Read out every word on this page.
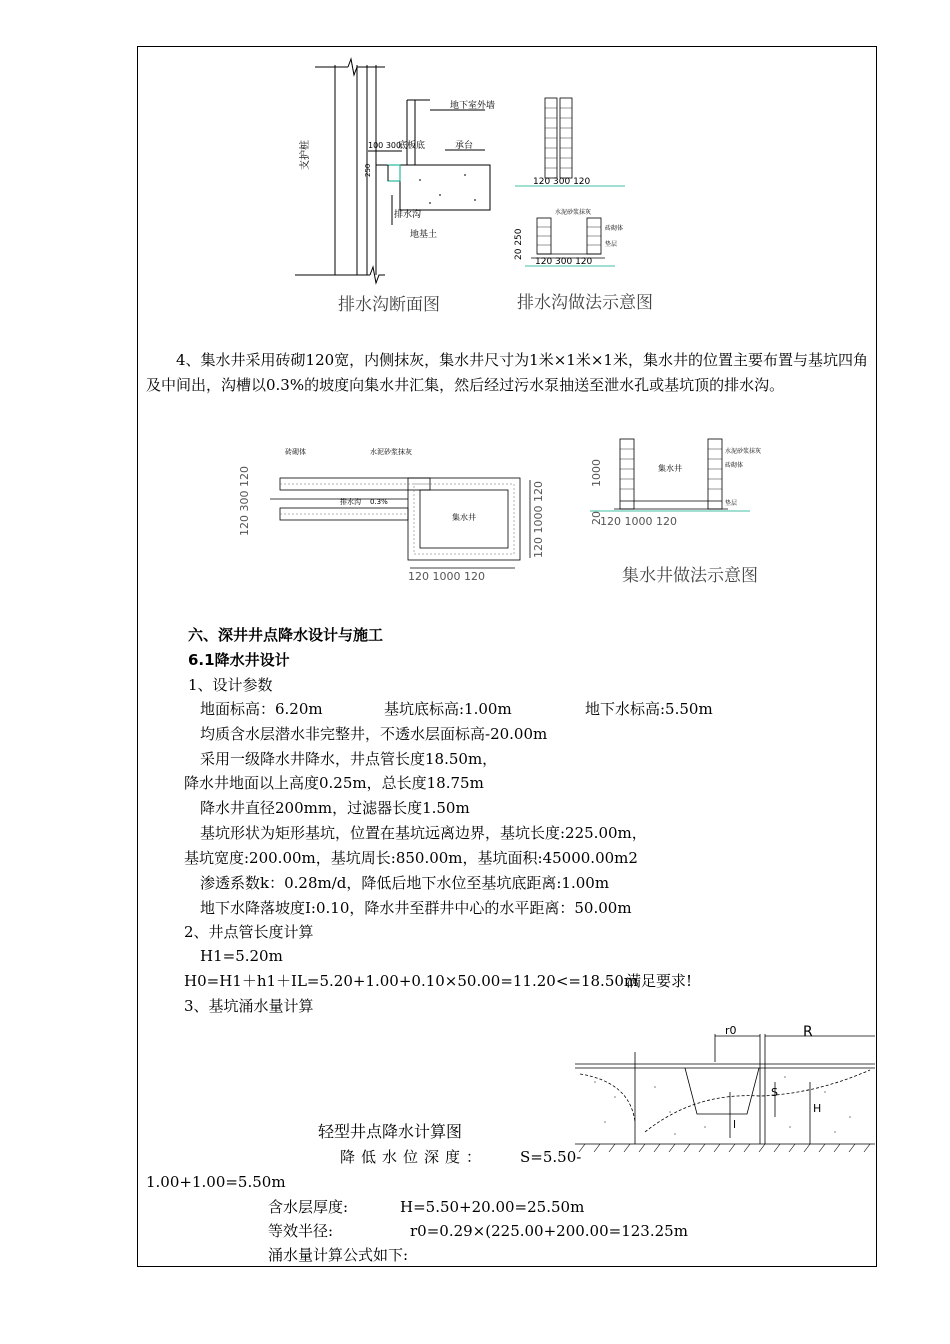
支护桩
地下室外墙
100 300
250
底板底	承台
排水沟
地基土
排水沟断面图
120 300 120
水泥砂浆抹灰
砖砌体
垫层
20 250
120 300 120
排水沟做法示意图
4、集水井采用砖砌120宽，内侧抹灰，集水井尺寸为1米×1米×1米，集水井的位置主要布置与基坑四角及中间出，沟槽以0.3%的坡度向集水井汇集，然后经过污水泵抽送至泄水孔或基坑顶的排水沟。
砖砌体	水泥砂浆抹灰
排水沟 0.3%
集水井
120 300 120	120 1000 120
120 1000 120
集水井
水泥砂浆抹灰
砖砌体
垫层
1000
20
120 1000 120
集水井做法示意图
六、深井井点降水设计与施工
6.1降水井设计
1、设计参数
地面标高：6.20m	基坑底标高:1.00m	地下水标高:5.50m
均质含水层潜水非完整井，不透水层面标高-20.00m
采用一级降水井降水，井点管长度18.50m，
降水井地面以上高度0.25m，总长度18.75m
降水井直径200mm，过滤器长度1.50m
基坑形状为矩形基坑，位置在基坑远离边界，基坑长度:225.00m，
基坑宽度:200.00m，基坑周长:850.00m，基坑面积:45000.00m2
渗透系数k：0.28m/d，降低后地下水位至基坑底距离:1.00m
地下水降落坡度I:0.10，降水井至群井中心的水平距离：50.00m
2、井点管长度计算
H1=5.20m
H0=H1＋h1＋IL=5.20+1.00+0.10×50.00=11.20<=18.50m
满足要求!
3、基坑涌水量计算
r0	R
S
H
l
轻型井点降水计算图
降低水位深度： S=5.50-
1.00+1.00=5.50m
含水层厚度:	H=5.50+20.00=25.50m
等效半径:	r0=0.29×(225.00+200.00=123.25m
涌水量计算公式如下:
